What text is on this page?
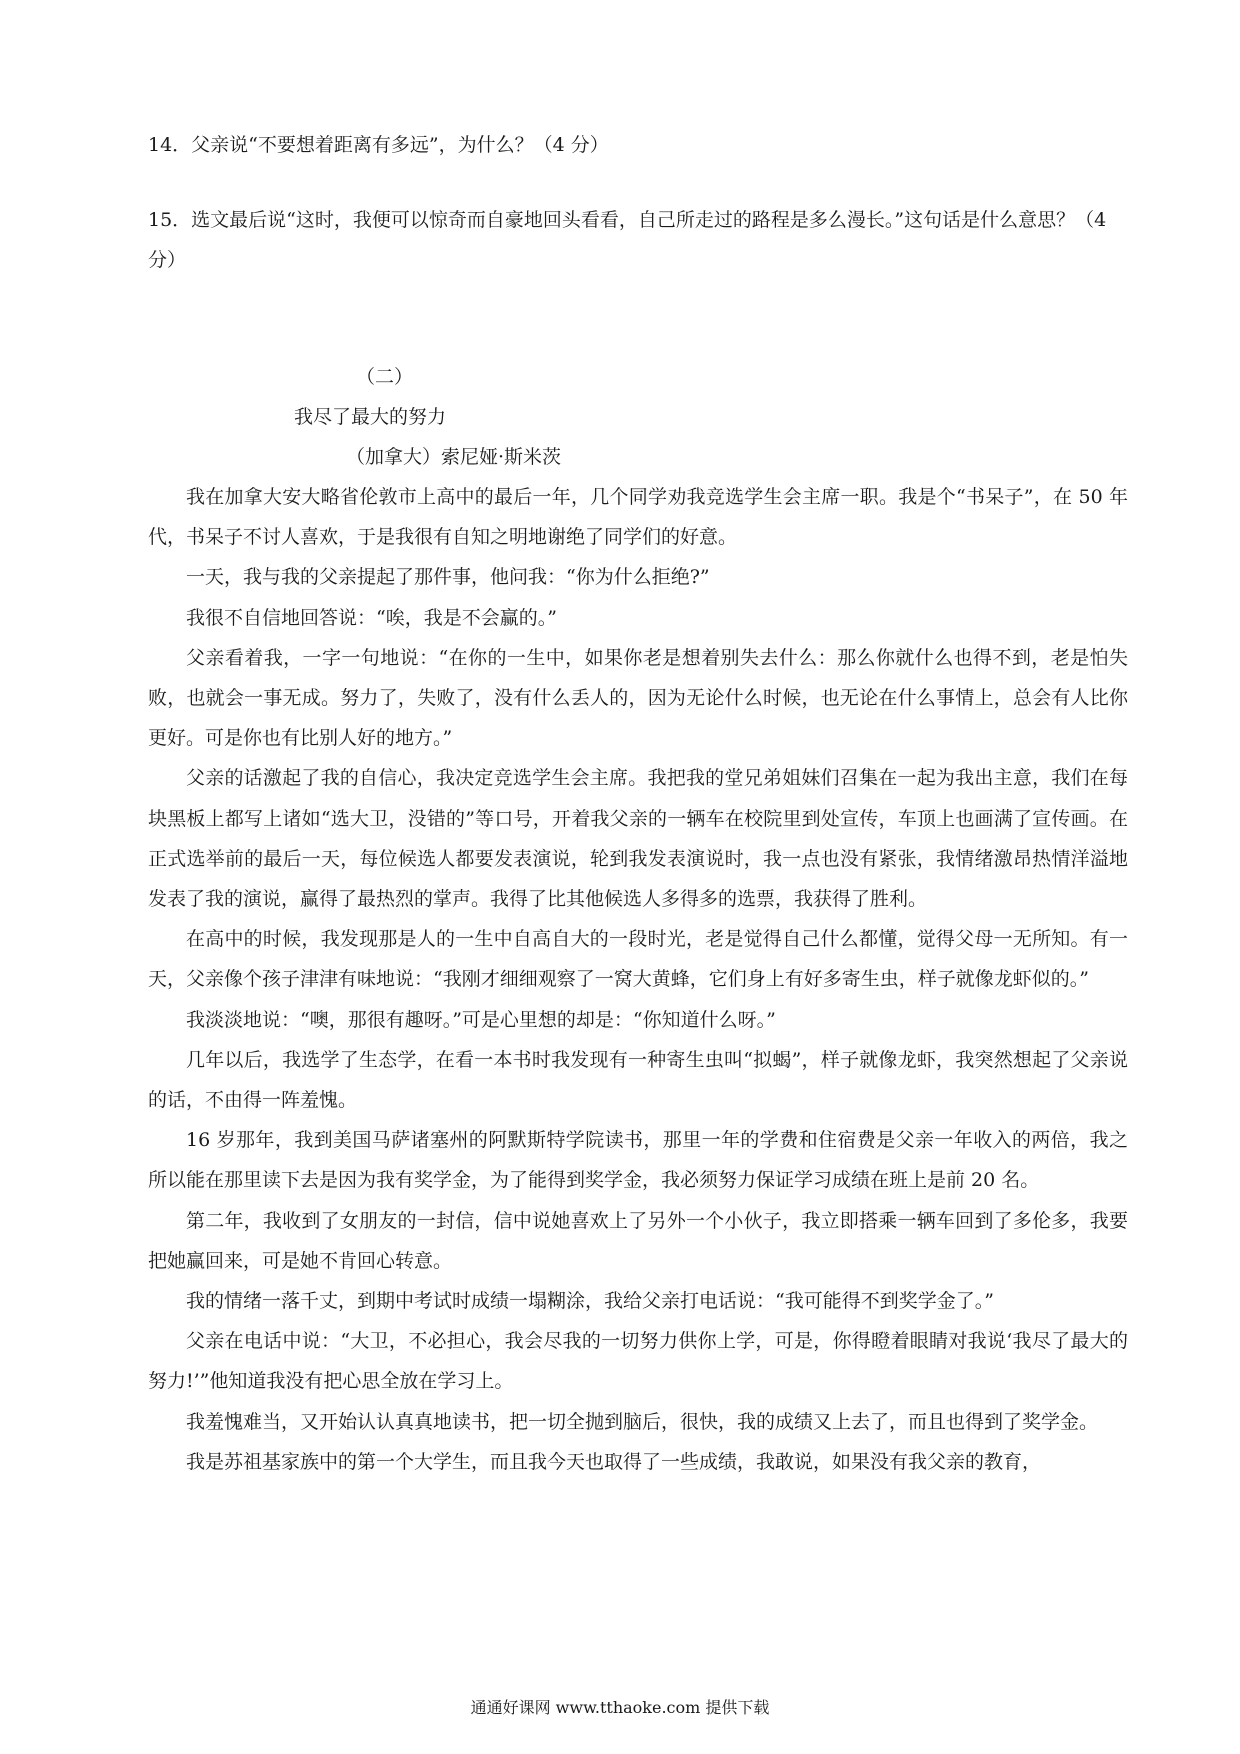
14．父亲说“不要想着距离有多远”，为什么？（4 分）

15．选文最后说“这时，我便可以惊奇而自豪地回头看看，自己所走过的路程是多么漫长。”这句话是什么意思？（4 分）

（二）

我尽了最大的努力

（加拿大）索尼娅·斯米茨

我在加拿大安大略省伦敦市上高中的最后一年，几个同学劝我竞选学生会主席一职。我是个“书呆子”，在 50 年代，书呆子不讨人喜欢，于是我很有自知之明地谢绝了同学们的好意。

一天，我与我的父亲提起了那件事，他问我：“你为什么拒绝?”

我很不自信地回答说：“唉，我是不会赢的。”

父亲看着我，一字一句地说：“在你的一生中，如果你老是想着别失去什么：那么你就什么也得不到，老是怕失败，也就会一事无成。努力了，失败了，没有什么丢人的，因为无论什么时候，也无论在什么事情上，总会有人比你更好。可是你也有比别人好的地方。”

父亲的话激起了我的自信心，我决定竞选学生会主席。我把我的堂兄弟姐妹们召集在一起为我出主意，我们在每块黑板上都写上诸如“选大卫，没错的”等口号，开着我父亲的一辆车在校院里到处宣传，车顶上也画满了宣传画。在正式选举前的最后一天，每位候选人都要发表演说，轮到我发表演说时，我一点也没有紧张，我情绪激昂热情洋溢地发表了我的演说，赢得了最热烈的掌声。我得了比其他候选人多得多的选票，我获得了胜利。

在高中的时候，我发现那是人的一生中自高自大的一段时光，老是觉得自己什么都懂，觉得父母一无所知。有一天，父亲像个孩子津津有味地说：“我刚才细细观察了一窝大黄蜂，它们身上有好多寄生虫，样子就像龙虾似的。”

我淡淡地说：“噢，那很有趣呀。”可是心里想的却是：“你知道什么呀。”

几年以后，我选学了生态学，在看一本书时我发现有一种寄生虫叫“拟蝎”，样子就像龙虾，我突然想起了父亲说的话，不由得一阵羞愧。

16 岁那年，我到美国马萨诸塞州的阿默斯特学院读书，那里一年的学费和住宿费是父亲一年收入的两倍，我之所以能在那里读下去是因为我有奖学金，为了能得到奖学金，我必须努力保证学习成绩在班上是前 20 名。

第二年，我收到了女朋友的一封信，信中说她喜欢上了另外一个小伙子，我立即搭乘一辆车回到了多伦多，我要把她赢回来，可是她不肯回心转意。

我的情绪一落千丈，到期中考试时成绩一塌糊涂，我给父亲打电话说：“我可能得不到奖学金了。”

父亲在电话中说：“大卫，不必担心，我会尽我的一切努力供你上学，可是，你得瞪着眼睛对我说‘我尽了最大的努力!’”他知道我没有把心思全放在学习上。

我羞愧难当，又开始认认真真地读书，把一切全抛到脑后，很快，我的成绩又上去了，而且也得到了奖学金。

我是苏祖基家族中的第一个大学生，而且我今天也取得了一些成绩，我敢说，如果没有我父亲的教育，

通通好课网 www.tthaoke.com 提供下载
